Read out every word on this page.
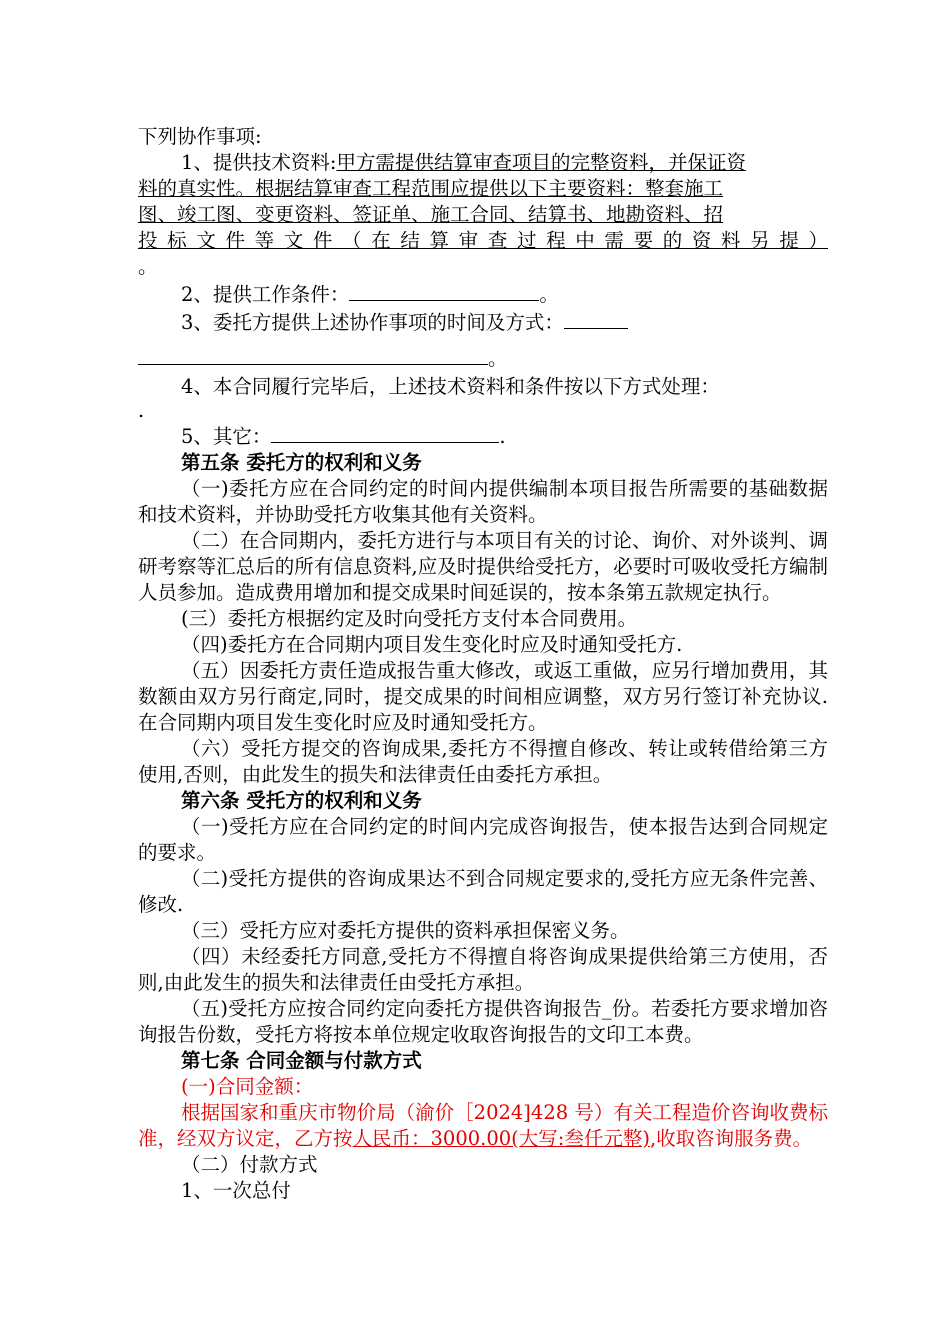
下列协作事项:

1、提供技术资料:甲方需提供结算审查项目的完整资料，并保证资

料的真实性。根据结算审查工程范围应提供以下主要资料：整套施工

图、竣工图、变更资料、签证单、施工合同、结算书、地勘资料、招

投标文件等文件（在结算审查过程中需要的资料另提）

。

2、提供工作条件：	。

3、委托方提供上述协作事项的时间及方式：

。

4、本合同履行完毕后，上述技术资料和条件按以下方式处理：

.

5、其它：	.

第五条 委托方的权利和义务

（一)委托方应在合同约定的时间内提供编制本项目报告所需要的基础数据和技术资料，并协助受托方收集其他有关资料。

（二）在合同期内，委托方进行与本项目有关的讨论、询价、对外谈判、调研考察等汇总后的所有信息资料,应及时提供给受托方，必要时可吸收受托方编制人员参加。造成费用增加和提交成果时间延误的，按本条第五款规定执行。

(三）委托方根据约定及时向受托方支付本合同费用。

（四)委托方在合同期内项目发生变化时应及时通知受托方.

（五）因委托方责任造成报告重大修改，或返工重做，应另行增加费用，其数额由双方另行商定,同时，提交成果的时间相应调整，双方另行签订补充协议.在合同期内项目发生变化时应及时通知受托方。

（六）受托方提交的咨询成果,委托方不得擅自修改、转让或转借给第三方使用,否则，由此发生的损失和法律责任由委托方承担。

第六条 受托方的权利和义务

（一)受托方应在合同约定的时间内完成咨询报告，使本报告达到合同规定的要求。

（二)受托方提供的咨询成果达不到合同规定要求的,受托方应无条件完善、修改.

（三）受托方应对委托方提供的资料承担保密义务。

（四）未经委托方同意,受托方不得擅自将咨询成果提供给第三方使用，否则,由此发生的损失和法律责任由受托方承担。

（五)受托方应按合同约定向委托方提供咨询报告_份。若委托方要求增加咨询报告份数，受托方将按本单位规定收取咨询报告的文印工本费。

第七条 合同金额与付款方式

(一)合同金额：

根据国家和重庆市物价局（渝价［2024]428 号）有关工程造价咨询收费标准，经双方议定，乙方按人民币：3000.00(大写:叁仟元整),收取咨询服务费。

（二）付款方式

1、一次总付
